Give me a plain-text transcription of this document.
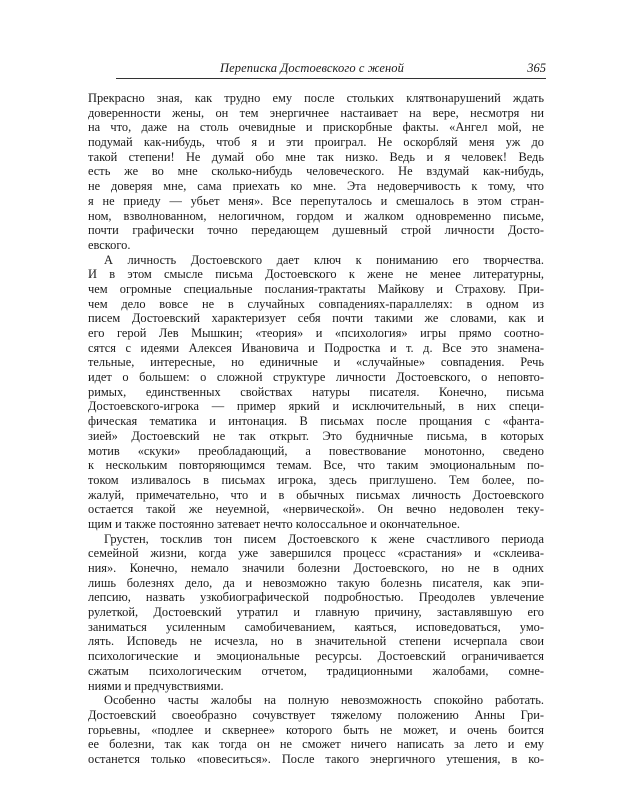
Переписка Достоевского с женой	365
Прекрасно зная, как трудно ему после стольких клятвонарушений ждать
доверенности жены, он тем энергичнее настаивает на вере, несмотря ни
на что, даже на столь очевидные и прискорбные факты. «Ангел мой, не
подумай как-нибудь, чтоб я и эти проиграл. Не оскорбляй меня уж до
такой степени! Не думай обо мне так низко. Ведь и я человек! Ведь
есть же во мне сколько-нибудь человеческого. Не вздумай как-нибудь,
не доверяя мне, сама приехать ко мне. Эта недоверчивость к тому, что
я не приеду — убьет меня». Все перепуталось и смешалось в этом стран-
ном, взволнованном, нелогичном, гордом и жалком одновременно письме,
почти графически точно передающем душевный строй личности Досто-
евского.
А личность Достоевского дает ключ к пониманию его творчества.
И в этом смысле письма Достоевского к жене не менее литературны,
чем огромные специальные послания-трактаты Майкову и Страхову. При-
чем дело вовсе не в случайных совпадениях-параллелях: в одном из
писем Достоевский характеризует себя почти такими же словами, как и
его герой Лев Мышкин; «теория» и «психология» игры прямо соотно-
сятся с идеями Алексея Ивановича и Подростка и т. д. Все это знамена-
тельные, интересные, но единичные и «случайные» совпадения. Речь
идет о большем: о сложной структуре личности Достоевского, о неповто-
римых, единственных свойствах натуры писателя. Конечно, письма
Достоевского-игрока — пример яркий и исключительный, в них специ-
фическая тематика и интонация. В письмах после прощания с «фанта-
зией» Достоевский не так открыт. Это будничные письма, в которых
мотив «скуки» преобладающий, а повествование монотонно, сведено
к нескольким повторяющимся темам. Все, что таким эмоциональным по-
током изливалось в письмах игрока, здесь приглушено. Тем более, по-
жалуй, примечательно, что и в обычных письмах личность Достоевского
остается такой же неуемной, «нервической». Он вечно недоволен теку-
щим и также постоянно затевает нечто колоссальное и окончательное.
Грустен, тосклив тон писем Достоевского к жене счастливого периода
семейной жизни, когда уже завершился процесс «срастания» и «склеива-
ния». Конечно, немало значили болезни Достоевского, но не в одних
лишь болезнях дело, да и невозможно такую болезнь писателя, как эпи-
лепсию, назвать узкобиографической подробностью. Преодолев увлечение
рулеткой, Достоевский утратил и главную причину, заставлявшую его
заниматься усиленным самобичеванием, каяться, исповедоваться, умо-
лять. Исповедь не исчезла, но в значительной степени исчерпала свои
психологические и эмоциональные ресурсы. Достоевский ограничивается
сжатым психологическим отчетом, традиционными жалобами, сомне-
ниями и предчувствиями.
Особенно часты жалобы на полную невозможность спокойно работать.
Достоевский своеобразно сочувствует тяжелому положению Анны Гри-
горьевны, «подлее и сквернее» которого быть не может, и очень боится
ее болезни, так как тогда он не сможет ничего написать за лето и ему
останется только «повеситься». После такого энергичного утешения, в ко-
